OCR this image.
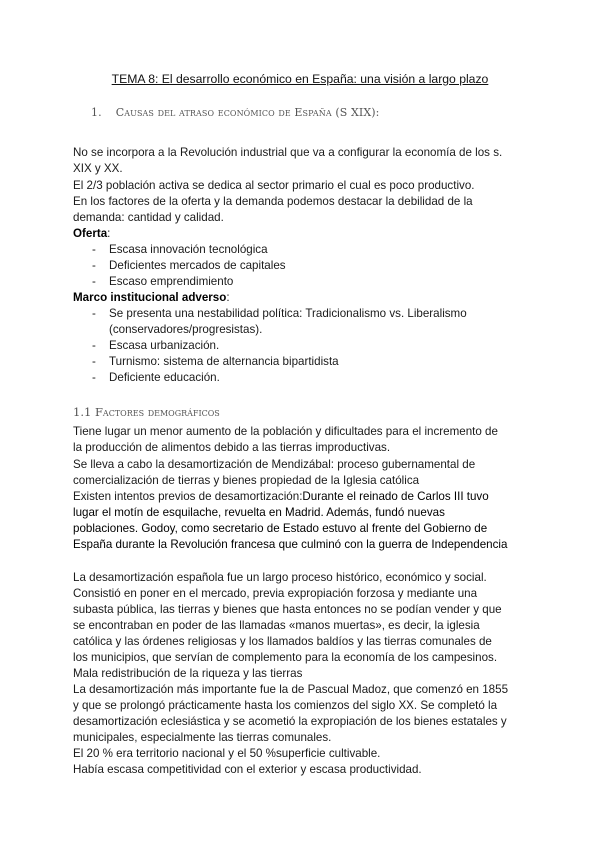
TEMA 8: El desarrollo económico en España: una visión a largo plazo
1. Causas del atraso económico de España (S XIX):
No se incorpora a la Revolución industrial que va a configurar la economía de los s.
XIX y XX.
El 2/3 población activa se dedica al sector primario el cual es poco productivo.
En los factores de la oferta y la demanda podemos destacar la debilidad de la
demanda: cantidad y calidad.
Oferta:
- Escasa innovación tecnológica
- Deficientes mercados de capitales
- Escaso emprendimiento
Marco institucional adverso:
- Se presenta una nestabilidad política: Tradicionalismo vs. Liberalismo
(conservadores/progresistas).
- Escasa urbanización.
- Turnismo: sistema de alternancia bipartidista
- Deficiente educación.
1.1 Factores demográficos
Tiene lugar un menor aumento de la población y dificultades para el incremento de
la producción de alimentos debido a las tierras improductivas.
Se lleva a cabo la desamortización de Mendizábal: proceso gubernamental de
comercialización de tierras y bienes propiedad de la Iglesia católica
Existen intentos previos de desamortización:Durante el reinado de Carlos III tuvo
lugar el motín de esquilache, revuelta en Madrid. Además, fundó nuevas
poblaciones. Godoy, como secretario de Estado estuvo al frente del Gobierno de
España durante la Revolución francesa que culminó con la guerra de Independencia
La desamortización española fue un largo proceso histórico, económico y social.
Consistió en poner en el mercado, previa expropiación forzosa y mediante una
subasta pública, las tierras y bienes que hasta entonces no se podían vender y que
se encontraban en poder de las llamadas «manos muertas», es decir, la iglesia
católica y las órdenes religiosas y los llamados baldíos y las tierras comunales de
los municipios, que servían de complemento para la economía de los campesinos.
Mala redistribución de la riqueza y las tierras
La desamortización más importante fue la de Pascual Madoz, que comenzó en 1855
y que se prolongó prácticamente hasta los comienzos del siglo XX. Se completó la
desamortización eclesiástica y se acometió la expropiación de los bienes estatales y
municipales, especialmente las tierras comunales.
El 20 % era territorio nacional y el 50 %superficie cultivable.
Había escasa competitividad con el exterior y escasa productividad.
